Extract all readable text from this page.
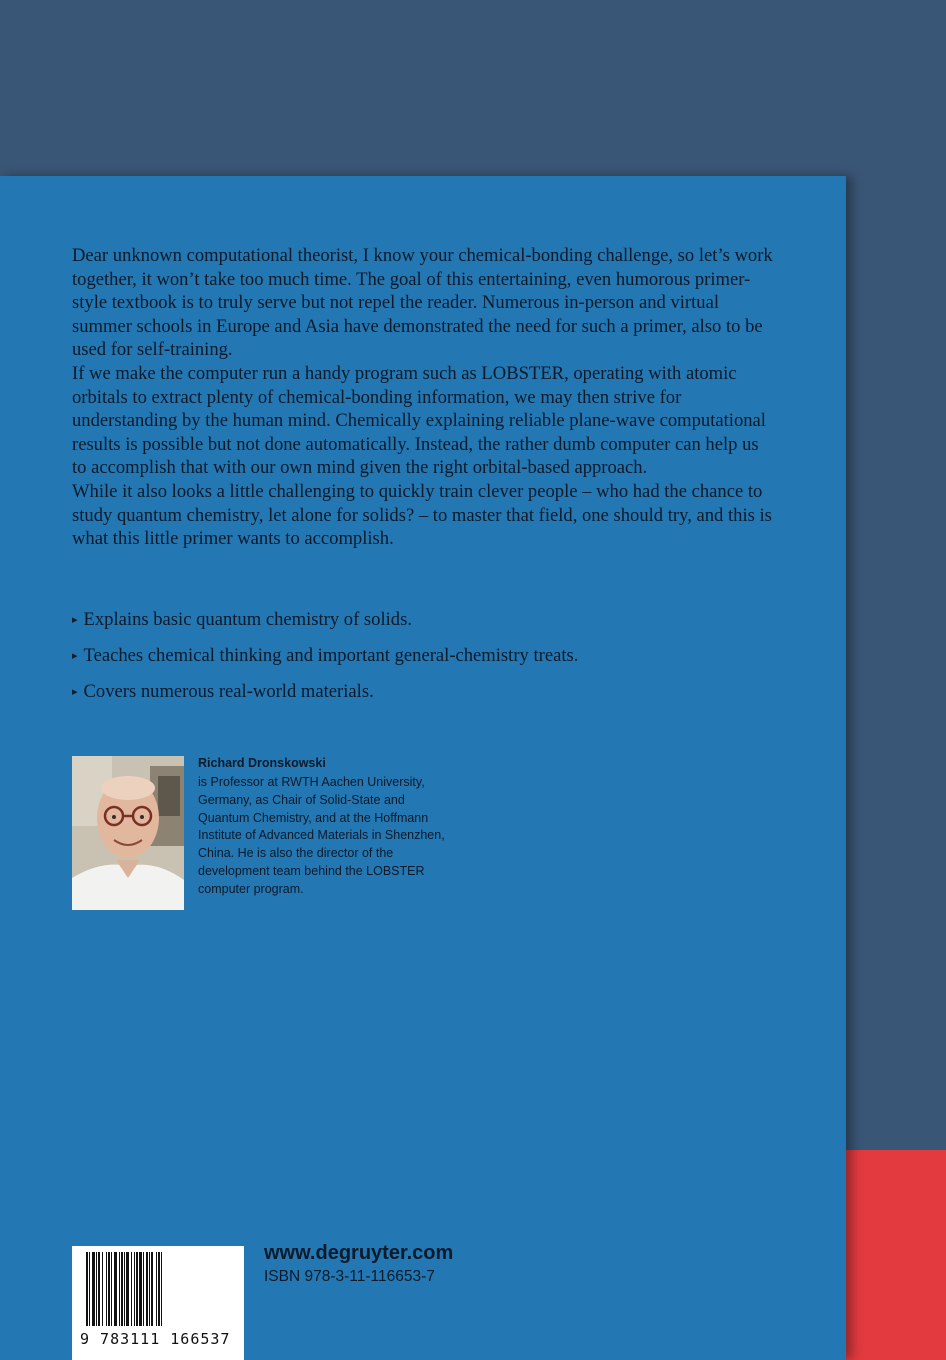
Dear unknown computational theorist, I know your chemical-bonding challenge, so let’s work together, it won’t take too much time. The goal of this entertaining, even humorous primer-style textbook is to truly serve but not repel the reader. Numerous in-person and virtual summer schools in Europe and Asia have demonstrated the need for such a primer, also to be used for self-training.

If we make the computer run a handy program such as LOBSTER, operating with atomic orbitals to extract plenty of chemical-bonding information, we may then strive for understanding by the human mind. Chemically explaining reliable plane-wave computational results is possible but not done automatically. Instead, the rather dumb computer can help us to accomplish that with our own mind given the right orbital-based approach.

While it also looks a little challenging to quickly train clever people – who had the chance to study quantum chemistry, let alone for solids? – to master that field, one should try, and this is what this little primer wants to accomplish.

▸ Explains basic quantum chemistry of solids.
▸ Teaches chemical thinking and important general-chemistry treats.
▸ Covers numerous real-world materials.
Richard Dronskowski
is Professor at RWTH Aachen University, Germany, as Chair of Solid-State and Quantum Chemistry, and at the Hoffmann Institute of Advanced Materials in Shenzhen, China. He is also the director of the development team behind the LOBSTER computer program.
9 783111 166537
www.degruyter.com
ISBN 978-3-11-116653-7
